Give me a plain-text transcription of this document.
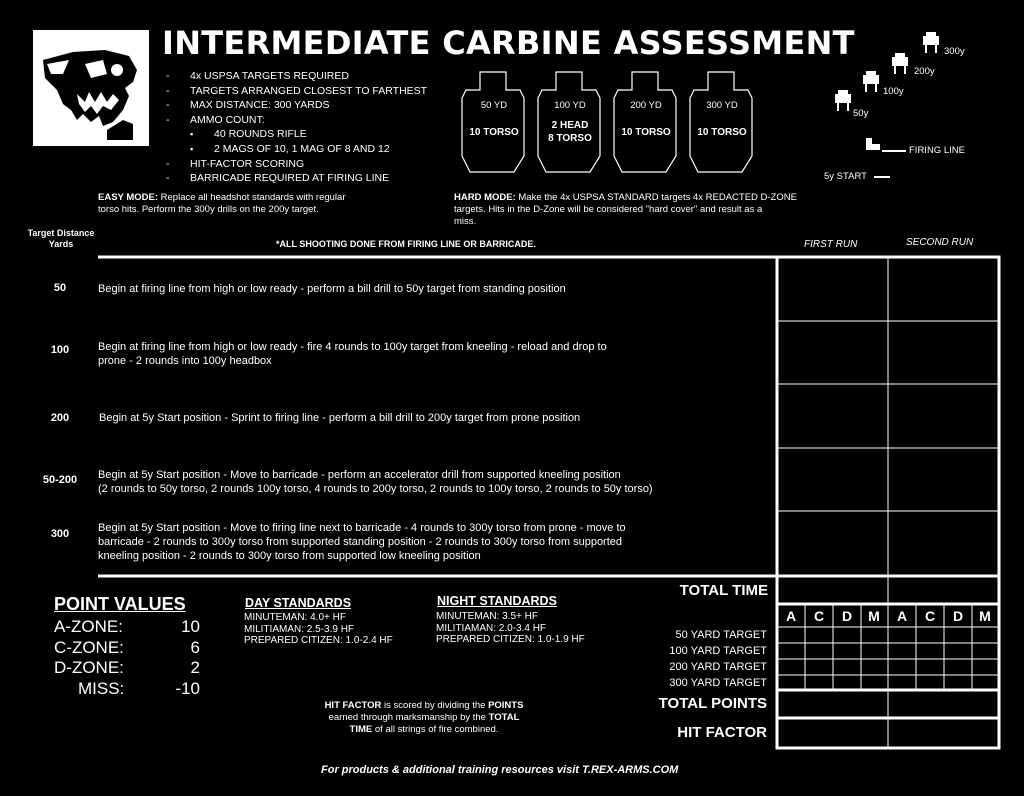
INTERMEDIATE CARBINE ASSESSMENT
- 4x USPSA TARGETS REQUIRED
- TARGETS ARRANGED CLOSEST TO FARTHEST
- MAX DISTANCE: 300 YARDS
- AMMO COUNT:
▪ 40 ROUNDS RIFLE
▪ 2 MAGS OF 10, 1 MAG OF 8 AND 12
- HIT-FACTOR SCORING
- BARRICADE REQUIRED AT FIRING LINE
EASY MODE: Replace all headshot standards with regular
torso hits. Perform the 300y drills on the 200y target.
HARD MODE: Make the 4x USPSA STANDARD targets 4x REDACTED D-ZONE
targets. Hits in the D-Zone will be considered "hard cover" and result as a
miss.
50 YD
10 TORSO
100 YD
2 HEAD
8 TORSO
200 YD
10 TORSO
300 YD
10 TORSO
300y
200y
100y
50y
FIRING LINE
5y START
Target Distance
Yards	*ALL SHOOTING DONE FROM FIRING LINE OR BARRICADE.	FIRST RUN	SECOND RUN
50	Begin at firing line from high or low ready - perform a bill drill to 50y target from standing position
100	Begin at firing line from high or low ready - fire 4 rounds to 100y target from kneeling - reload and drop to
prone - 2 rounds into 100y headbox
200	Begin at 5y Start position - Sprint to firing line - perform a bill drill to 200y target from prone position
50-200	Begin at 5y Start position - Move to barricade - perform an accelerator drill from supported kneeling position
(2 rounds to 50y torso, 2 rounds 100y torso, 4 rounds to 200y torso, 2 rounds to 100y torso, 2 rounds to 50y torso)
300	Begin at 5y Start position - Move to firing line next to barricade - 4 rounds to 300y torso from prone - move to
barricade - 2 rounds to 300y torso from supported standing position - 2 rounds to 300y torso from supported
kneeling position - 2 rounds to 300y torso from supported low kneeling position
TOTAL TIME
A	C	D	M	A	C	D	M
50 YARD TARGET
100 YARD TARGET
200 YARD TARGET
300 YARD TARGET
TOTAL POINTS
HIT FACTOR
POINT VALUES
A-ZONE:	10
C-ZONE:	6
D-ZONE:	2
MISS:	-10
DAY STANDARDS
MINUTEMAN: 4.0+ HF
MILITIAMAN: 2.5-3.9 HF
PREPARED CITIZEN: 1.0-2.4 HF
NIGHT STANDARDS
MINUTEMAN: 3.5+ HF
MILITIAMAN: 2.0-3.4 HF
PREPARED CITIZEN: 1.0-1.9 HF
HIT FACTOR is scored by dividing the POINTS
earned through marksmanship by the TOTAL
TIME of all strings of fire combined.
For products & additional training resources visit T.REX-ARMS.COM
